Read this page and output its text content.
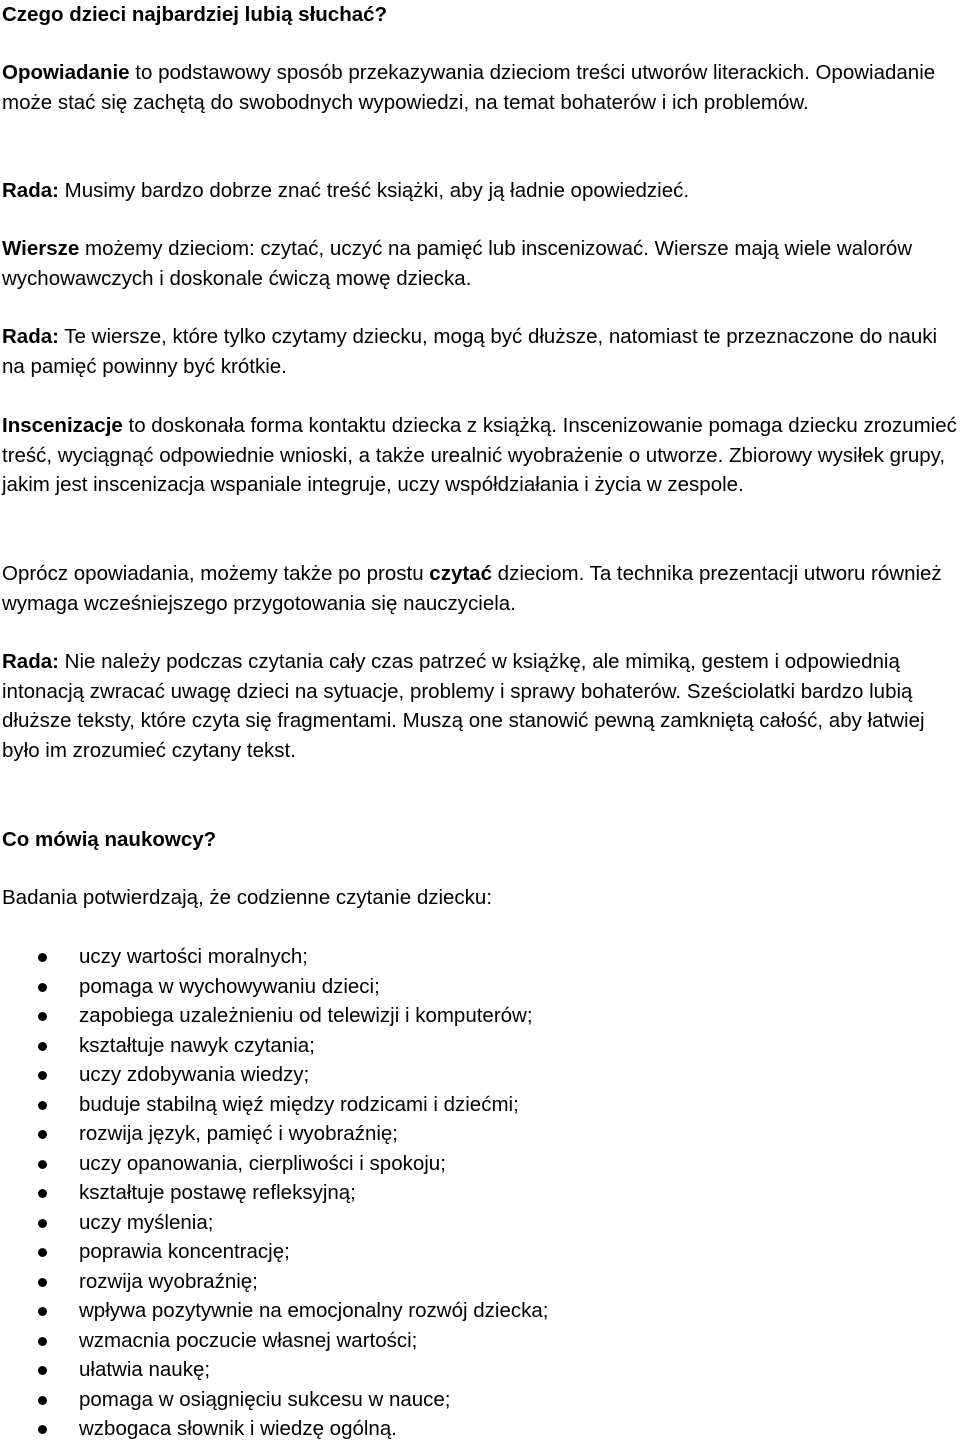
Czego dzieci najbardziej lubią słuchać?

Opowiadanie to podstawowy sposób przekazywania dzieciom treści utworów literackich. Opowiadanie może stać się zachętą do swobodnych wypowiedzi, na temat bohaterów i ich problemów.

Rada: Musimy bardzo dobrze znać treść książki, aby ją ładnie opowiedzieć.

Wiersze możemy dzieciom: czytać, uczyć na pamięć lub inscenizować. Wiersze mają wiele walorów wychowawczych i doskonale ćwiczą mowę dziecka.

Rada: Te wiersze, które tylko czytamy dziecku, mogą być dłuższe, natomiast te przeznaczone do nauki na pamięć powinny być krótkie.

Inscenizacje to doskonała forma kontaktu dziecka z książką. Inscenizowanie pomaga dziecku zrozumieć treść, wyciągnąć odpowiednie wnioski, a także urealnić wyobrażenie o utworze. Zbiorowy wysiłek grupy, jakim jest inscenizacja wspaniale integruje, uczy współdziałania i życia w zespole.

Oprócz opowiadania, możemy także po prostu czytać dzieciom. Ta technika prezentacji utworu również wymaga wcześniejszego przygotowania się nauczyciela.

Rada: Nie należy podczas czytania cały czas patrzeć w książkę, ale mimiką, gestem i odpowiednią intonacją zwracać uwagę dzieci na sytuacje, problemy i sprawy bohaterów. Sześciolatki bardzo lubią dłuższe teksty, które czyta się fragmentami. Muszą one stanowić pewną zamkniętą całość, aby łatwiej było im zrozumieć czytany tekst.

Co mówią naukowcy?

Badania potwierdzają, że codzienne czytanie dziecku:

uczy wartości moralnych;
pomaga w wychowywaniu dzieci;
zapobiega uzależnieniu od telewizji i komputerów;
kształtuje nawyk czytania;
uczy zdobywania wiedzy;
buduje stabilną więź między rodzicami i dziećmi;
rozwija język, pamięć i wyobraźnię;
uczy opanowania, cierpliwości i spokoju;
kształtuje postawę refleksyjną;
uczy myślenia;
poprawia koncentrację;
rozwija wyobraźnię;
wpływa pozytywnie na emocjonalny rozwój dziecka;
wzmacnia poczucie własnej wartości;
ułatwia naukę;
pomaga w osiągnięciu sukcesu w nauce;
wzbogaca słownik i wiedzę ogólną.
